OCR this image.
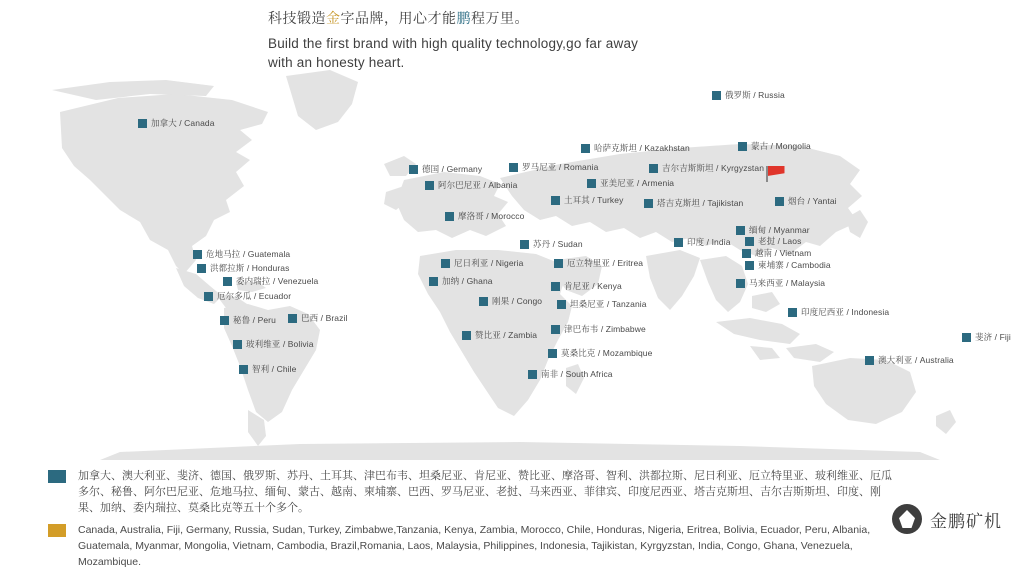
科技锻造金字品牌，用心才能鹏程万里。

Build the first brand with high quality technology,go far away

with an honesty heart.

加拿大 / Canada
俄罗斯 / Russia
哈萨克斯坦 / Kazakhstan	蒙古 / Mongolia
德国 / Germany	罗马尼亚 / Romania	吉尔吉斯斯坦 / Kyrgyzstan
阿尔巴尼亚 / Albania	亚美尼亚 / Armenia
烟台 / Yantai
土耳其 / Turkey	塔吉克斯坦 / Tajikistan
摩洛哥 / Morocco
缅甸 / Myanmar
苏丹 / Sudan	印度 / India	老挝 / Laos
危地马拉 / Guatemala
尼日利亚 / Nigeria
越南 / Vietnam
洪都拉斯 / Honduras	厄立特里亚 / Eritrea	柬埔寨 / Cambodia
加纳 / Ghana
委内瑞拉 / Venezuela	肯尼亚 / Kenya	马来西亚 / Malaysia
厄尔多瓜 / Ecuador	刚果 / Congo	坦桑尼亚 / Tanzania
印度尼西亚 / Indonesia
秘鲁 / Peru	巴西 / Brazil
赞比亚 / Zambia
津巴布韦 / Zimbabwe
斐济 / Fiji
玻利维亚 / Bolivia
莫桑比克 / Mozambique
澳大利亚 / Australia
智利 / Chile	南非 / South Africa
加拿大、澳大利亚、斐济、德国、俄罗斯、苏丹、土耳其、津巴布韦、坦桑尼亚、肯尼亚、赞比亚、摩洛哥、智利、洪都拉斯、尼日利亚、厄立特里亚、玻利维亚、厄瓜多尔、秘鲁、阿尔巴尼亚、危地马拉、缅甸、蒙古、越南、柬埔寨、巴西、罗马尼亚、老挝、马来西亚、菲律宾、印度尼西亚、塔吉克斯坦、吉尔吉斯斯坦、印度、刚果、加纳、委内瑞拉、莫桑比克等五十个多个。
Canada, Australia, Fiji, Germany, Russia, Sudan, Turkey, Zimbabwe,Tanzania, Kenya, Zambia, Morocco, Chile, Honduras, Nigeria, Eritrea, Bolivia, Ecuador, Peru, Albania, Guatemala, Myanmar, Mongolia, Vietnam, Cambodia, Brazil,Romania, Laos, Malaysia, Philippines, Indonesia, Tajikistan, Kyrgyzstan, India, Congo, Ghana, Venezuela, Mozambique.
金鹏矿机
